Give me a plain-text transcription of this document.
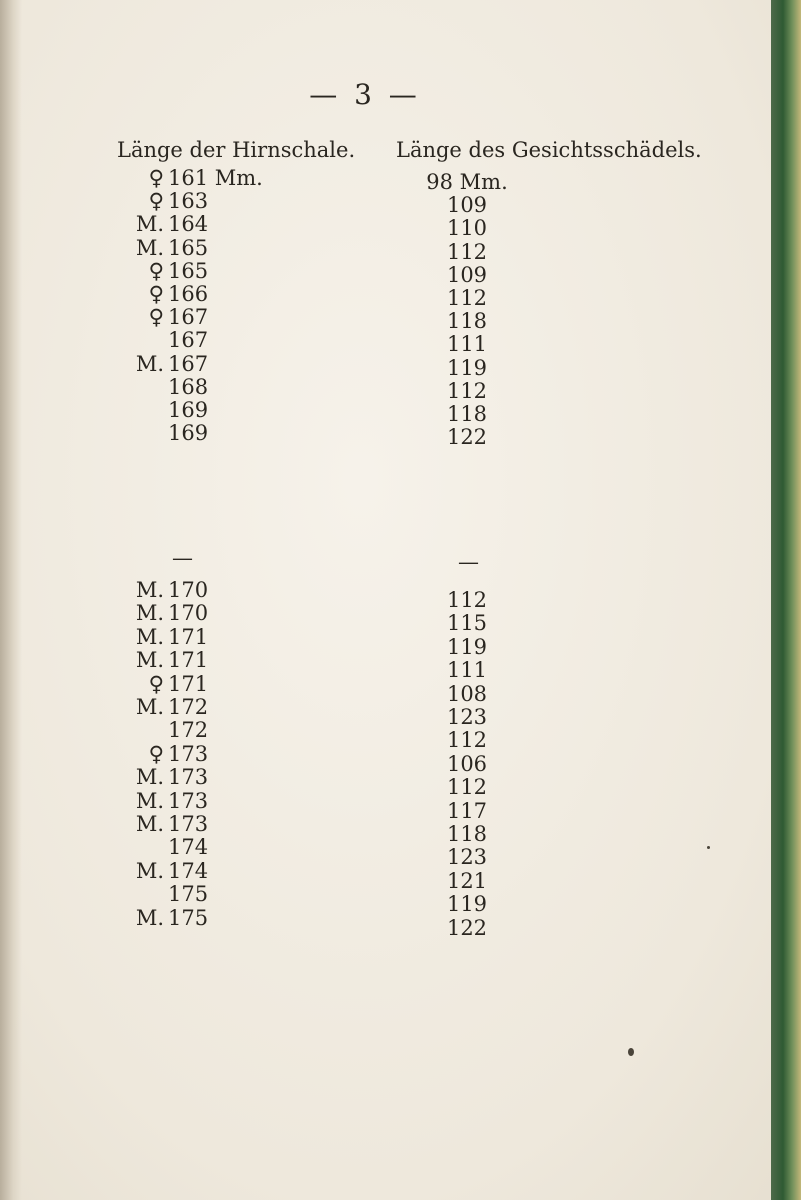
— 3 —
Länge der Hirnschale. Länge des Gesichtsschädels.
♀ 161 Mm.
♀ 163
M. 164
M. 165
♀ 165
♀ 166
♀ 167
167
M. 167
168
169
169
—
M. 170
M. 170
M. 171
M. 171
♀ 171
M. 172
172
♀ 173
M. 173
M. 173
M. 173
174
M. 174
175
M. 175
98 Mm.
109
110
112
109
112
118
111
119
112
118
122
—
112
115
119
111
108
123
112
106
112
117
118
123
121
119
122
